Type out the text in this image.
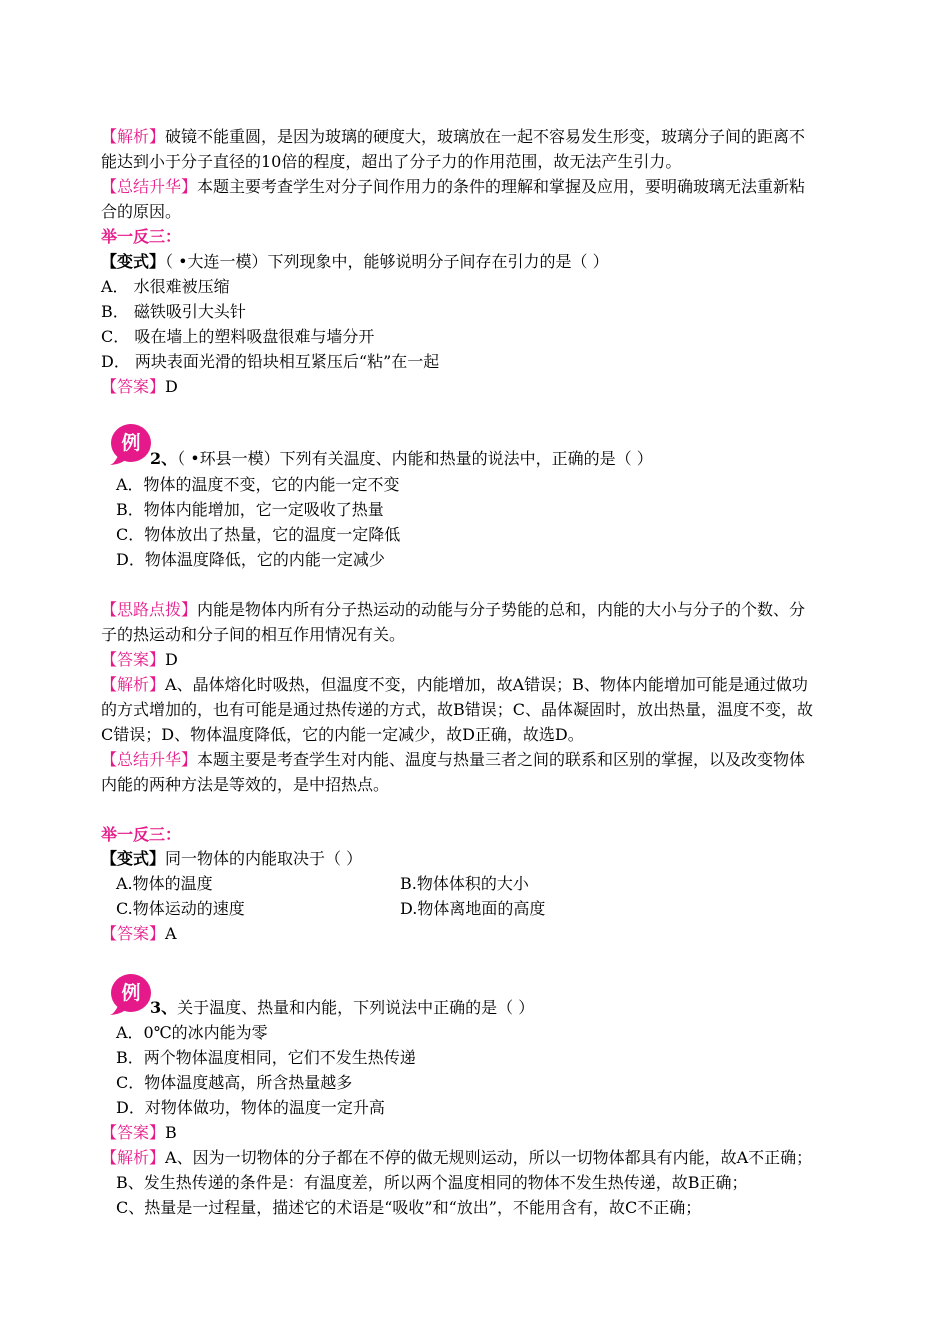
【解析】破镜不能重圆，是因为玻璃的硬度大，玻璃放在一起不容易发生形变，玻璃分子间的距离不
能达到小于分子直径的10倍的程度，超出了分子力的作用范围，故无法产生引力。
【总结升华】本题主要考查学生对分子间作用力的条件的理解和掌握及应用，要明确玻璃无法重新粘
合的原因。
举一反三：
【变式】（ •大连一模）下列现象中，能够说明分子间存在引力的是（ ）
A． 水很难被压缩
B． 磁铁吸引大头针
C． 吸在墙上的塑料吸盘很难与墙分开
D． 两块表面光滑的铅块相互紧压后“粘”在一起
【答案】D
例
2、（ •环县一模）下列有关温度、内能和热量的说法中，正确的是（ ）
A．物体的温度不变，它的内能一定不变
B．物体内能增加，它一定吸收了热量
C．物体放出了热量，它的温度一定降低
D．物体温度降低，它的内能一定减少
【思路点拨】内能是物体内所有分子热运动的动能与分子势能的总和，内能的大小与分子的个数、分
子的热运动和分子间的相互作用情况有关。
【答案】D
【解析】A、晶体熔化时吸热，但温度不变，内能增加，故A错误；B、物体内能增加可能是通过做功
的方式增加的，也有可能是通过热传递的方式，故B错误；C、晶体凝固时，放出热量，温度不变，故
C错误；D、物体温度降低，它的内能一定减少，故D正确，故选D。
【总结升华】本题主要是考查学生对内能、温度与热量三者之间的联系和区别的掌握，以及改变物体
内能的两种方法是等效的，是中招热点。
举一反三：
【变式】同一物体的内能取决于（ ）
A.物体的温度	B.物体体积的大小
C.物体运动的速度	D.物体离地面的高度
【答案】A
例
3、关于温度、热量和内能，下列说法中正确的是（ ）
A．0℃的冰内能为零
B．两个物体温度相同，它们不发生热传递
C．物体温度越高，所含热量越多
D．对物体做功，物体的温度一定升高
【答案】B
【解析】A、因为一切物体的分子都在不停的做无规则运动，所以一切物体都具有内能，故A不正确；
B、发生热传递的条件是：有温度差，所以两个温度相同的物体不发生热传递，故B正确；
C、热量是一过程量，描述它的术语是“吸收”和“放出”，不能用含有，故C不正确；
